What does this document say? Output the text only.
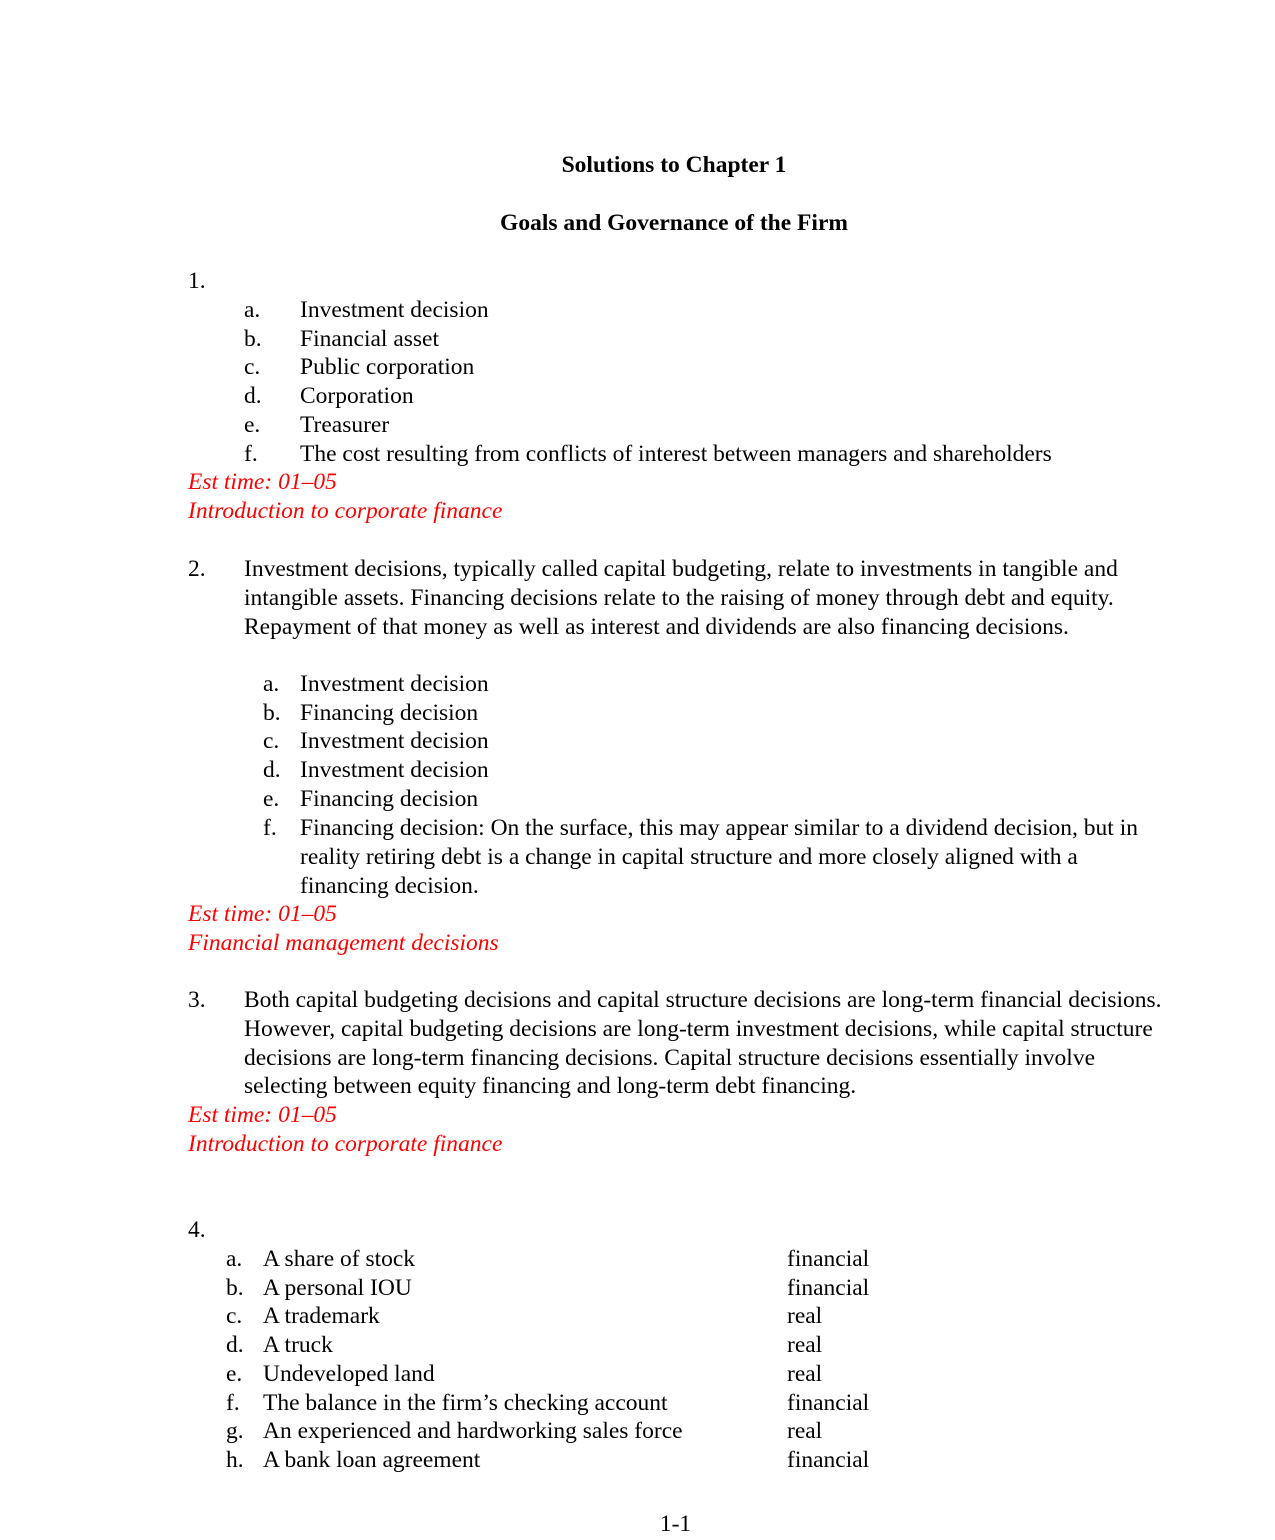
Solutions to Chapter 1
Goals and Governance of the Firm
1.
a. Investment decision
b. Financial asset
c. Public corporation
d. Corporation
e. Treasurer
f. The cost resulting from conflicts of interest between managers and shareholders
Est time: 01–05
Introduction to corporate finance
2. Investment decisions, typically called capital budgeting, relate to investments in tangible and intangible assets. Financing decisions relate to the raising of money through debt and equity. Repayment of that money as well as interest and dividends are also financing decisions.
a. Investment decision
b. Financing decision
c. Investment decision
d. Investment decision
e. Financing decision
f. Financing decision: On the surface, this may appear similar to a dividend decision, but in reality retiring debt is a change in capital structure and more closely aligned with a financing decision.
Est time: 01–05
Financial management decisions
3. Both capital budgeting decisions and capital structure decisions are long-term financial decisions. However, capital budgeting decisions are long-term investment decisions, while capital structure decisions are long-term financing decisions. Capital structure decisions essentially involve selecting between equity financing and long-term debt financing.
Est time: 01–05
Introduction to corporate finance
4.
a. A share of stock	financial
b. A personal IOU	financial
c. A trademark	real
d. A truck	real
e. Undeveloped land	real
f. The balance in the firm’s checking account	financial
g. An experienced and hardworking sales force	real
h. A bank loan agreement	financial
1-1
